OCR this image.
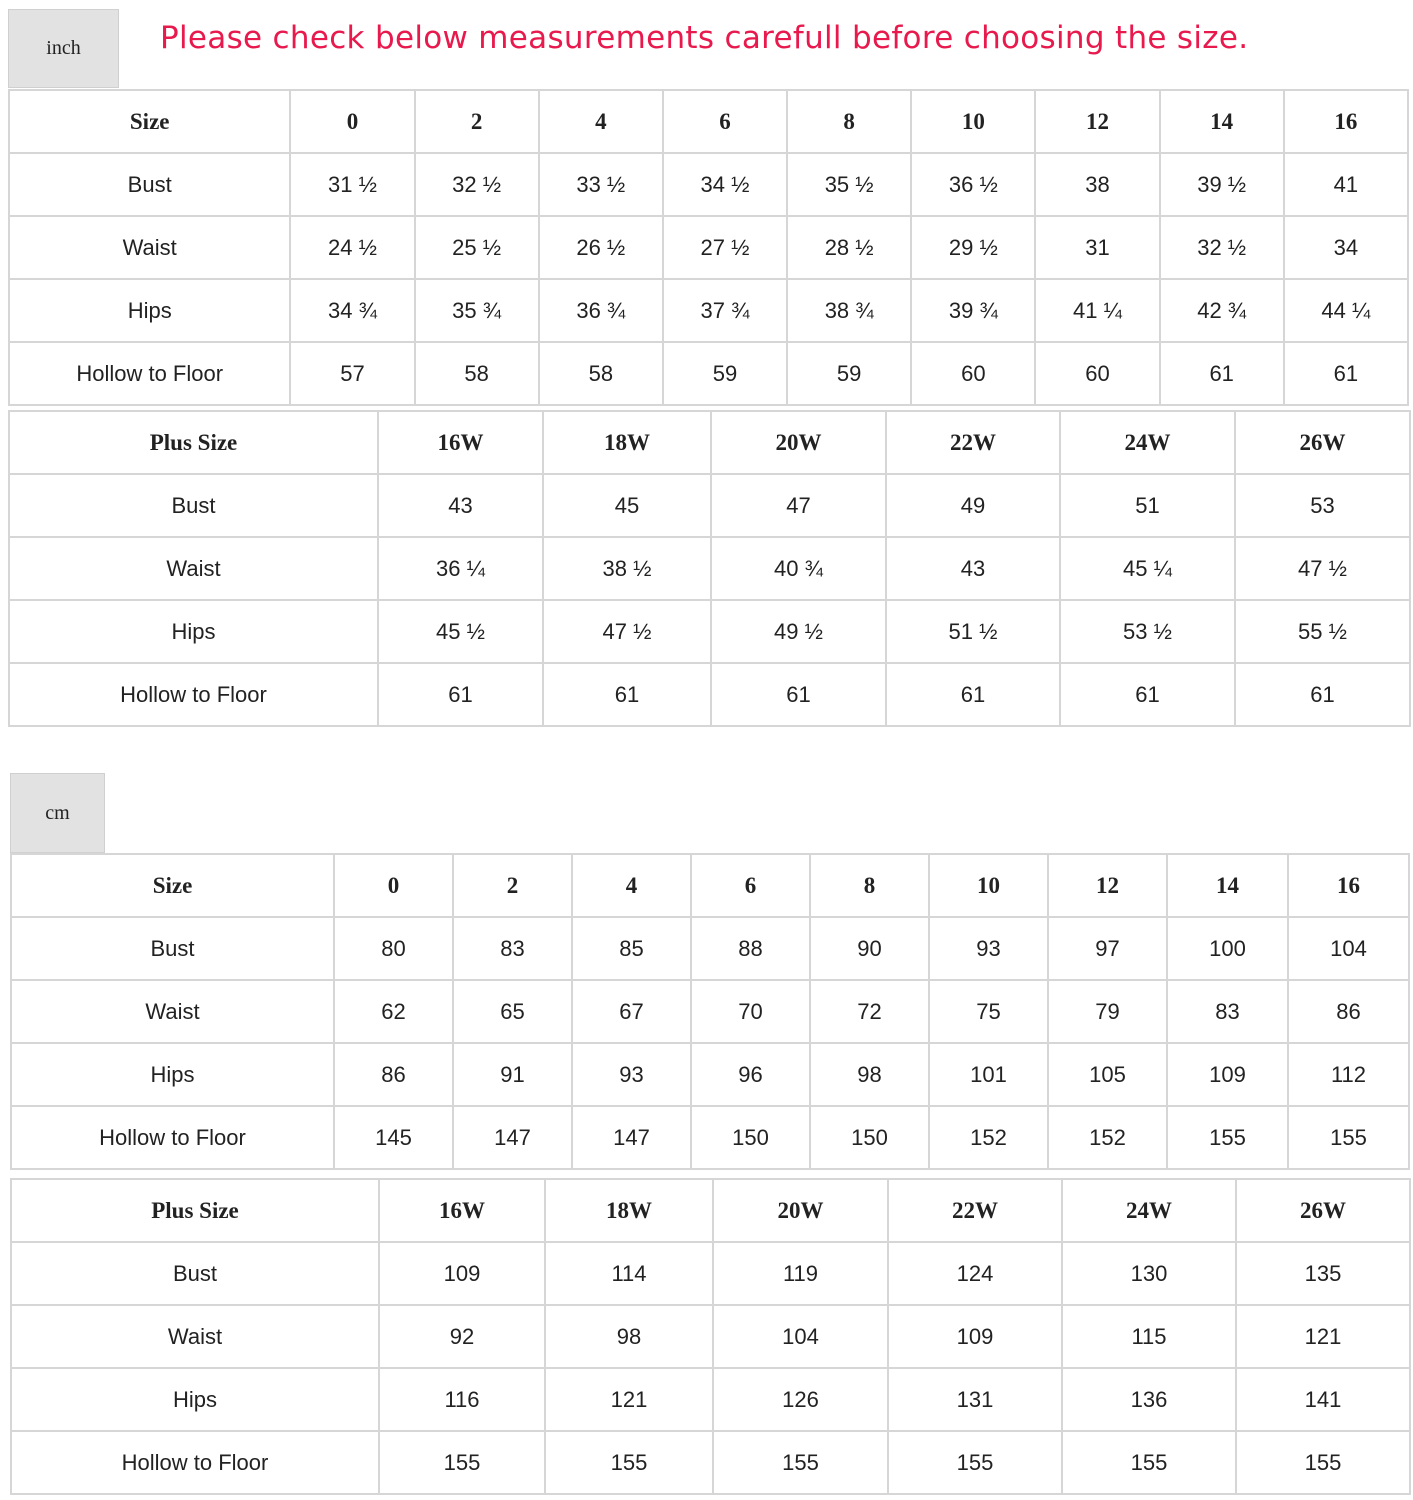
inch	Please check below measurements carefull before choosing the size.
Size	0	2	4	6	8	10	12	14	16
Bust	31 ½	32 ½	33 ½	34 ½	35 ½	36 ½	38	39 ½	41
Waist	24 ½	25 ½	26 ½	27 ½	28 ½	29 ½	31	32 ½	34
Hips	34 ¾	35 ¾	36 ¾	37 ¾	38 ¾	39 ¾	41 ¼	42 ¾	44 ¼
Hollow to Floor	57	58	58	59	59	60	60	61	61
Plus Size	16W	18W	20W	22W	24W	26W
Bust	43	45	47	49	51	53
Waist	36 ¼	38 ½	40 ¾	43	45 ¼	47 ½
Hips	45 ½	47 ½	49 ½	51 ½	53 ½	55 ½
Hollow to Floor	61	61	61	61	61	61
cm
Size	0	2	4	6	8	10	12	14	16
Bust	80	83	85	88	90	93	97	100	104
Waist	62	65	67	70	72	75	79	83	86
Hips	86	91	93	96	98	101	105	109	112
Hollow to Floor	145	147	147	150	150	152	152	155	155
Plus Size	16W	18W	20W	22W	24W	26W
Bust	109	114	119	124	130	135
Waist	92	98	104	109	115	121
Hips	116	121	126	131	136	141
Hollow to Floor	155	155	155	155	155	155
